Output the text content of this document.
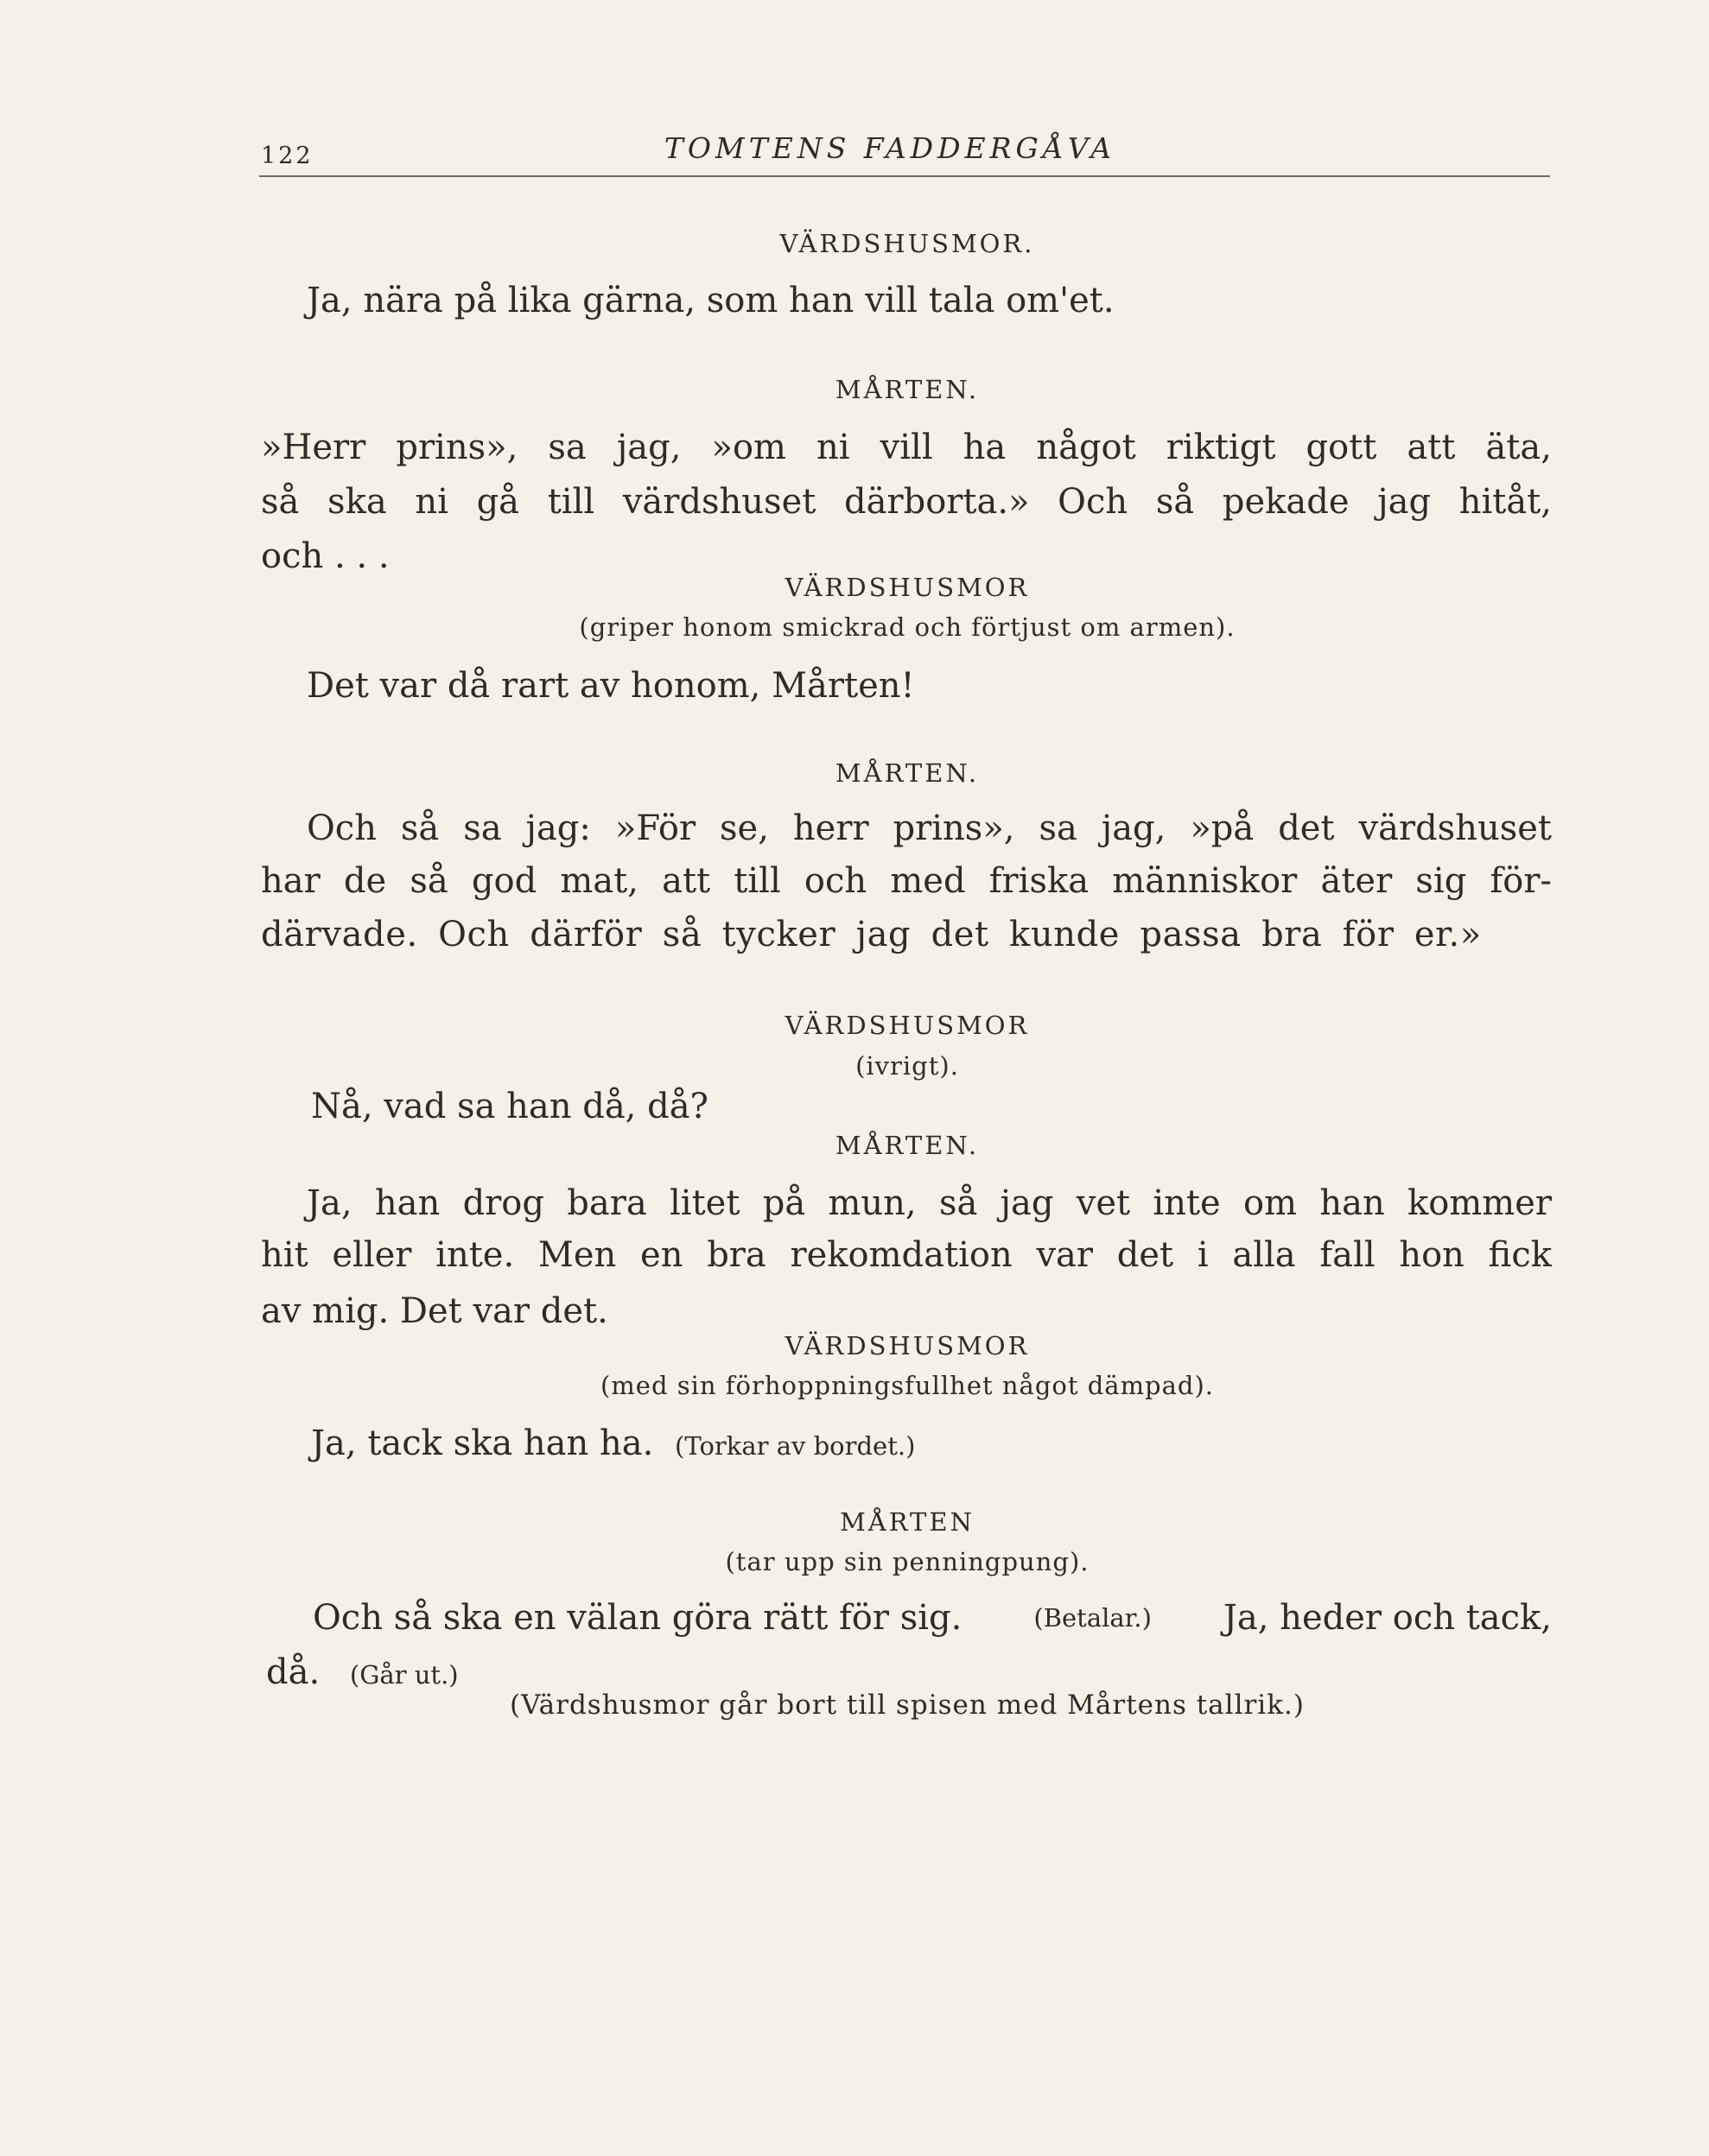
122	TOMTENS FADDERGÅVA
VÄRDSHUSMOR.
Ja, nära på lika gärna, som han vill tala om'et.
MÅRTEN.
»Herr prins», sa jag, »om ni vill ha något riktigt gott att äta,
så ska ni gå till värdshuset därborta.» Och så pekade jag hitåt,
och . . .
VÄRDSHUSMOR
(griper honom smickrad och förtjust om armen).
Det var då rart av honom, Mårten!
MÅRTEN.
Och så sa jag: »För se, herr prins», sa jag, »på det värdshuset
har de så god mat, att till och med friska människor äter sig för-
därvade. Och därför så tycker jag det kunde passa bra för er.»
VÄRDSHUSMOR
(ivrigt).
Nå, vad sa han då, då?
MÅRTEN.
Ja, han drog bara litet på mun, så jag vet inte om han kommer
hit eller inte. Men en bra rekomdation var det i alla fall hon fick
av mig. Det var det.
VÄRDSHUSMOR
(med sin förhoppningsfullhet något dämpad).
Ja, tack ska han ha. (Torkar av bordet.)
MÅRTEN
(tar upp sin penningpung).
Och så ska en välan göra rätt för sig.	(Betalar.) Ja, heder och tack,
då. (Går ut.)
(Värdshusmor går bort till spisen med Mårtens tallrik.)
